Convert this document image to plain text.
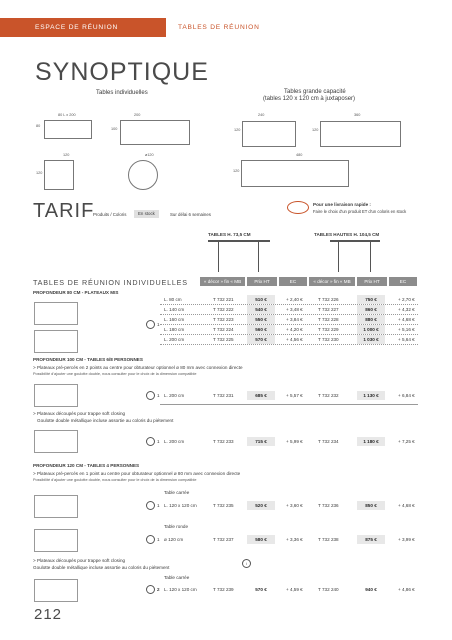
ESPACE DE RÉUNION	TABLES DE RÉUNION
SYNOPTIQUE
Tables individuelles	Tables grande capacité
(tables 120 x 120 cm à juxtaposer)
80 L x 200
80
200
100
120
120
ø120
240
120
360
120
480
120
TARIF
Produits / Coloris	En stock	Sur délai 6 semaines
Pour une livraison rapide :
Faire le choix d'un produit ET d'un coloris en stock
TABLES H. 73,5 CM	TABLES HAUTES H. 104,5 CM
TABLES DE RÉUNION INDIVIDUELLES	« décor » fin « MB	Prix HT	EC	« décor » fin « MB	Prix HT	EC
PROFONDEUR 80 CM - PLATEAUX MIS
1
L. 80 cm	T 732 221	510 €	+ 2,40 €	T 732 226	750 €	+ 2,70 €
L. 140 cm	T 732 222	540 €	+ 3,48 €	T 732 227	860 €	+ 4,32 €
L. 160 cm	T 732 223	550 €	+ 3,84 €	T 732 228	880 €	+ 4,68 €
L. 180 cm	T 732 224	560 €	+ 4,20 €	T 732 229	1 000 €	+ 5,16 €
L. 200 cm	T 732 225	570 €	+ 4,56 €	T 732 230	1 030 €	+ 5,64 €
PROFONDEUR 100 CM - TABLES 6/8 PERSONNES
> Plateaux pré-percés en 2 points au centre pour obturateur optionnel ø 80 mm avec connexion directe
Possibilité d'ajouter une goulotte double, nous consulter pour le choix de la dimension compatible
1 L. 200 cm	T 732 231	685 €	+ 5,57 €	T 732 232	1 130 €	+ 6,84 €
> Plateaux découpés pour trappe soft closing
Goulotte double métallique incluse assortie au coloris du piétement
1 L. 200 cm	T 732 233	715 €	+ 5,99 €	T 732 234	1 180 €	+ 7,25 €
PROFONDEUR 120 CM - TABLES 4 PERSONNES
> Plateaux pré-percés en 1 point au centre pour obturateur optionnel ø 80 mm avec connexion directe
Possibilité d'ajouter une goulotte double, nous consulter pour le choix de la dimension compatible
Table carrée
1 L. 120 x 120 cm	T 732 235	520 €	+ 3,60 €	T 732 236	850 €	+ 4,68 €
Table ronde
1 ø 120 cm	T 732 237	580 €	+ 3,36 €	T 732 238	875 €	+ 3,99 €
> Plateaux découpés pour trappe soft closing
Goulotte double métallique incluse assortie au coloris du piétement
i
Table carrée
2 L. 120 x 120 cm	T 732 239	570 €	+ 4,59 €	T 732 240	940 €	+ 4,86 €
212
